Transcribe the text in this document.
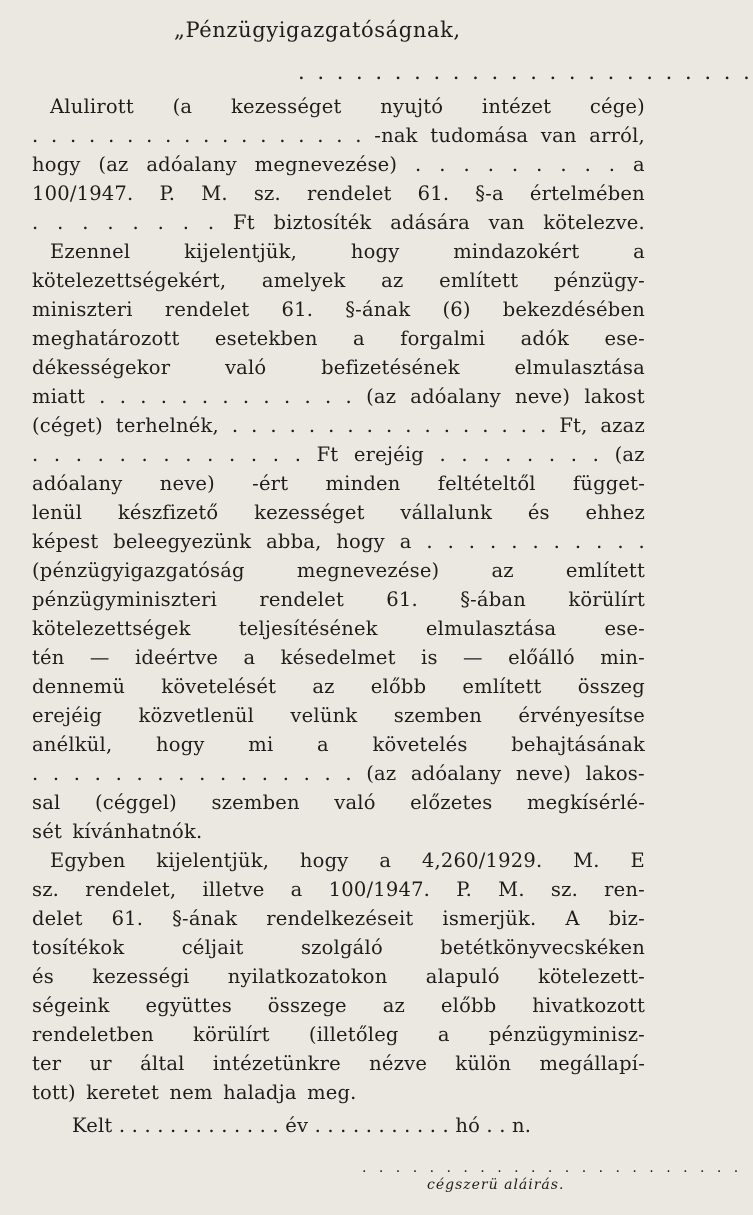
„Pénzügyigazgatóságnak,
. . . . . . . . . . . . . . . . . . . . . . . .
Alulirott (a kezességet nyujtó intézet cége)
. . . . . . . . . . . . . . . . . . -nak tudomása van arról,
hogy (az adóalany megnevezése) . . . . . . . . . a
100/1947. P. M. sz. rendelet 61. §-a értelmében
. . . . . . . . Ft biztosíték adására van kötelezve.
Ezennel	kijelentjük,	hogy	mindazokért	a
kötelezettségekért, amelyek az említett pénzügy-
miniszteri rendelet 61. §-ának (6) bekezdésében
meghatározott esetekben a forgalmi adók ese-
dékességekor	való	befizetésének	elmulasztása
miatt . . . . . . . . . . . . . (az adóalany neve) lakost
(céget) terhelnék, . . . . . . . . . . . . . . . . . Ft, azaz
. . . . . . . . . . . . . Ft erejéig . . . . . . . . (az
adóalany neve) -ért minden feltételtől függet-
lenül készfizető kezességet vállalunk és ehhez
képest beleegyezünk abba, hogy a . . . . . . . . . . .
(pénzügyigazgatóság	megnevezése)	az	említett
pénzügyminiszteri rendelet 61. §-ában körülírt
kötelezettségek teljesítésének elmulasztása ese-
tén — ideértve a késedelmet is — előálló min-
dennemü követelését az előbb említett összeg
erejéig közvetlenül velünk szemben érvényesítse
anélkül, hogy mi a követelés behajtásának
. . . . . . . . . . . . . . . . (az adóalany neve) lakos-
sal (céggel) szemben való előzetes megkísérlé-
sét kívánhatnók.
Egyben kijelentjük, hogy a 4,260/1929. M. E
sz. rendelet, illetve a 100/1947. P. M. sz. ren-
delet 61. §-ának rendelkezéseit ismerjük. A biz-
tosítékok	céljait	szolgáló	betétkönyvecskéken
és kezességi nyilatkozatokon alapuló kötelezett-
ségeink együttes összege az előbb hivatkozott
rendeletben körülírt (illetőleg a pénzügyminisz-
ter ur által intézetünkre nézve külön megállapí-
tott) keretet nem haladja meg.
Kelt . . . . . . . . . . . . . év . . . . . . . . . . . hó . . n.
. . . . . . . . . . . . . . . . . . . . . . .
cégszerü aláirás.
